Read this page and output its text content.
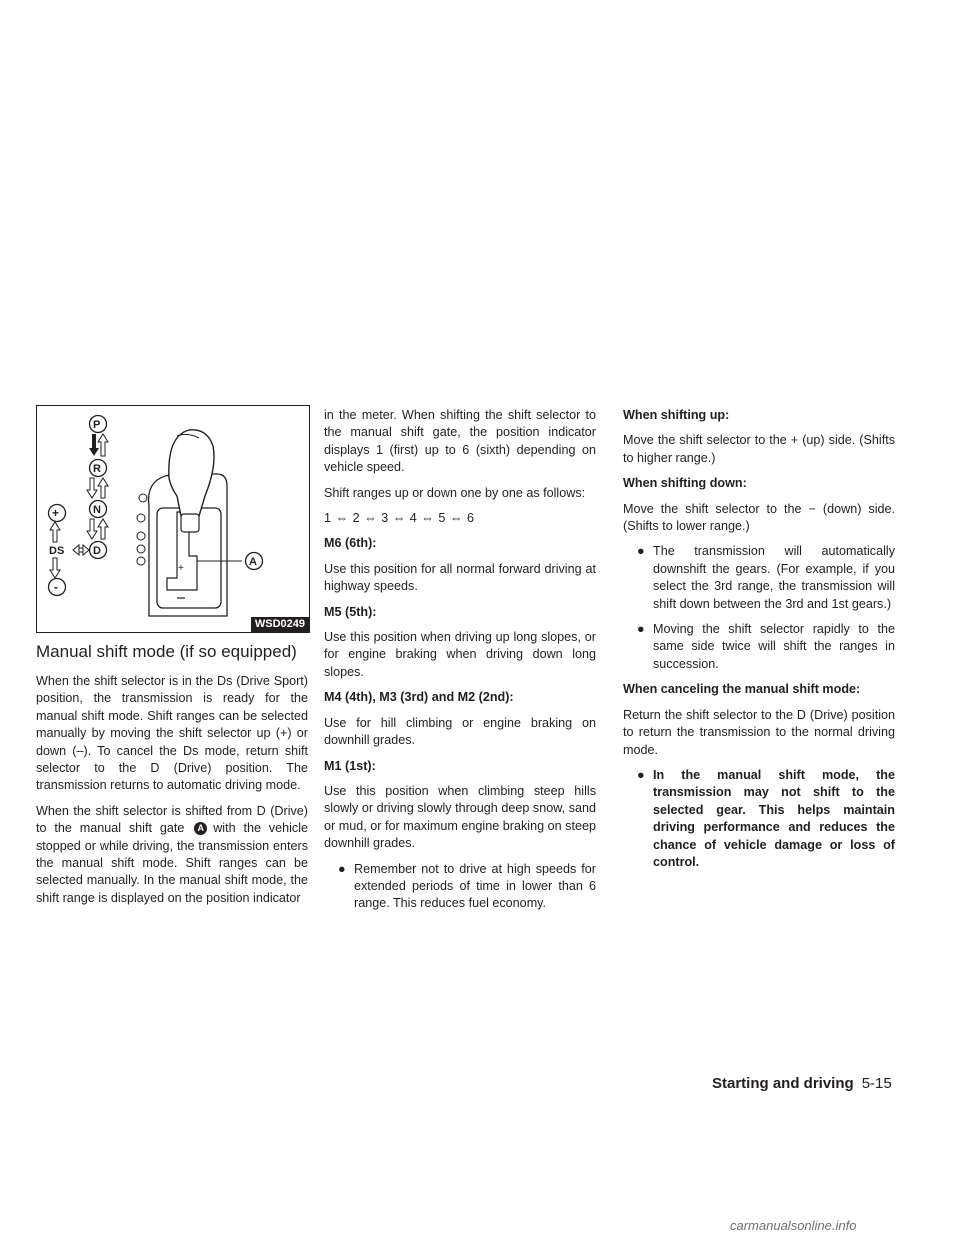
+
P
R
N
D
+
-
DS
A
WSD0249
Manual shift mode (if so equipped)

When the shift selector is in the Ds (Drive Sport) position, the transmission is ready for the manual shift mode. Shift ranges can be selected manually by moving the shift selector up (+) or down (–). To cancel the Ds mode, return shift selector to the D (Drive) position. The transmission returns to automatic driving mode.

When the shift selector is shifted from D (Drive) to the manual shift gate A with the vehicle stopped or while driving, the transmission enters the manual shift mode. Shift ranges can be selected manually. In the manual shift mode, the shift range is displayed on the position indicator

in the meter. When shifting the shift selector to the manual shift gate, the position indicator displays 1 (first) up to 6 (sixth) depending on vehicle speed.

Shift ranges up or down one by one as follows:

1 ⇔ 2 ⇔ 3 ⇔ 4 ⇔ 5 ⇔ 6

M6 (6th):

Use this position for all normal forward driving at highway speeds.

M5 (5th):

Use this position when driving up long slopes, or for engine braking when driving down long slopes.

M4 (4th), M3 (3rd) and M2 (2nd):

Use for hill climbing or engine braking on downhill grades.

M1 (1st):

Use this position when climbing steep hills slowly or driving slowly through deep snow, sand or mud, or for maximum engine braking on steep downhill grades.

● Remember not to drive at high speeds for extended periods of time in lower than 6 range. This reduces fuel economy.

When shifting up:

Move the shift selector to the + (up) side. (Shifts to higher range.)

When shifting down:

Move the shift selector to the − (down) side. (Shifts to lower range.)

● The transmission will automatically downshift the gears. (For example, if you select the 3rd range, the transmission will shift down between the 3rd and 1st gears.)
● Moving the shift selector rapidly to the same side twice will shift the ranges in succession.

When canceling the manual shift mode:

Return the shift selector to the D (Drive) position to return the transmission to the normal driving mode.

● In the manual shift mode, the transmission may not shift to the selected gear. This helps maintain driving performance and reduces the chance of vehicle damage or loss of control.
Starting and driving 5-15
carmanualsonline.info
